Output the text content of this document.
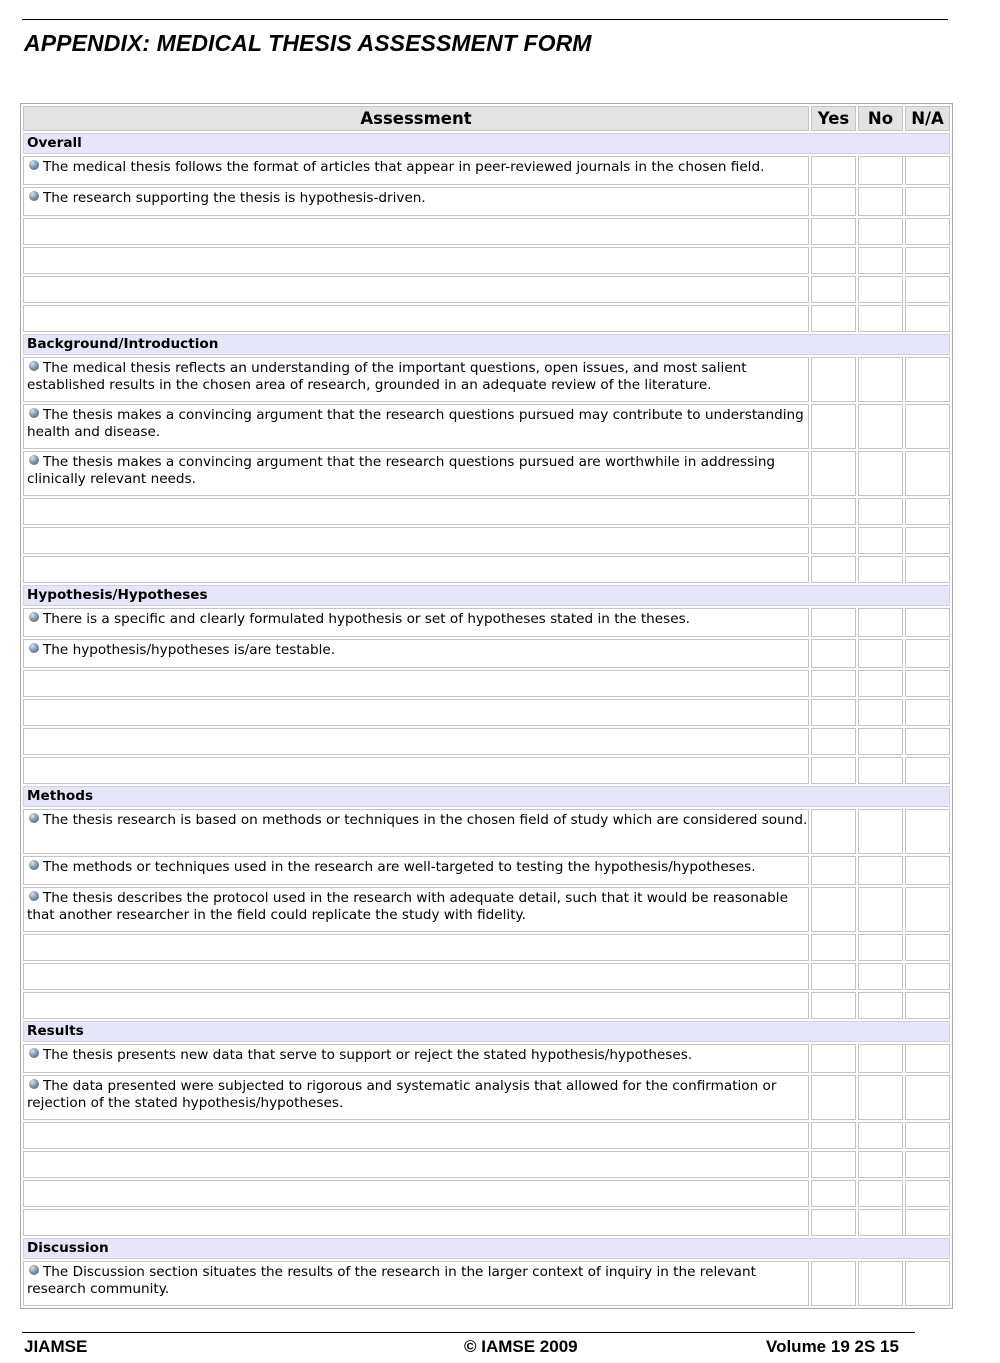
APPENDIX: MEDICAL THESIS ASSESSMENT FORM
Assessment	Yes	No	N/A
Overall			
The medical thesis follows the format of articles that appear in peer-reviewed journals in the chosen field.			
The research supporting the thesis is hypothesis-driven.			

Background/Introduction			
The medical thesis reflects an understanding of the important questions, open issues, and most salient established results in the chosen area of research, grounded in an adequate review of the literature.			
The thesis makes a convincing argument that the research questions pursued may contribute to understanding health and disease.			
The thesis makes a convincing argument that the research questions pursued are worthwhile in addressing clinically relevant needs.			

Hypothesis/Hypotheses			
There is a specific and clearly formulated hypothesis or set of hypotheses stated in the theses.			
The hypothesis/hypotheses is/are testable.			

Methods			
The thesis research is based on methods or techniques in the chosen field of study which are considered sound.			
The methods or techniques used in the research are well-targeted to testing the hypothesis/hypotheses.			
The thesis describes the protocol used in the research with adequate detail, such that it would be reasonable that another researcher in the field could replicate the study with fidelity.			

Results			
The thesis presents new data that serve to support or reject the stated hypothesis/hypotheses.			
The data presented were subjected to rigorous and systematic analysis that allowed for the confirmation or rejection of the stated hypothesis/hypotheses.			

Discussion			
The Discussion section situates the results of the research in the larger context of inquiry in the relevant research community.			
JIAMSE	© IAMSE 2009	Volume 19 2S 15
